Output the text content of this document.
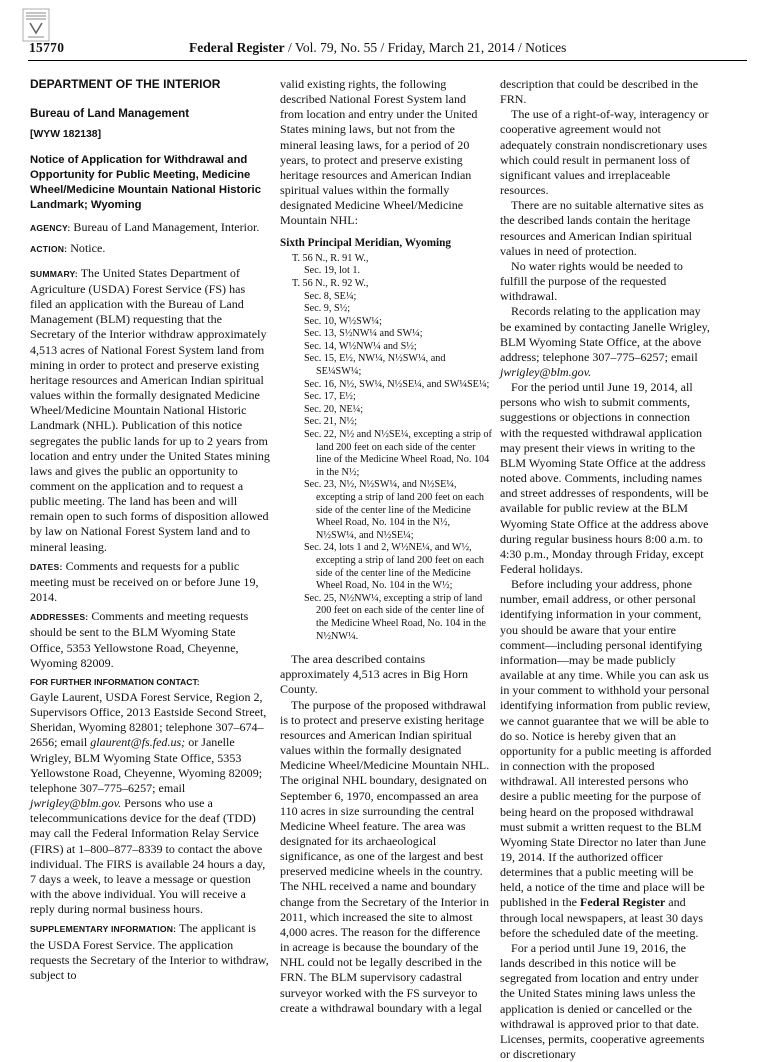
15770	Federal Register / Vol. 79, No. 55 / Friday, March 21, 2014 / Notices

DEPARTMENT OF THE INTERIOR

Bureau of Land Management

[WYW 182138]

Notice of Application for Withdrawal and Opportunity for Public Meeting, Medicine Wheel/Medicine Mountain National Historic Landmark; Wyoming

AGENCY: Bureau of Land Management, Interior.

ACTION: Notice.

SUMMARY: The United States Department of Agriculture (USDA) Forest Service (FS) has filed an application with the Bureau of Land Management (BLM) requesting that the Secretary of the Interior withdraw approximately 4,513 acres of National Forest System land from mining in order to protect and preserve existing heritage resources and American Indian spiritual values within the formally designated Medicine Wheel/Medicine Mountain National Historic Landmark (NHL). Publication of this notice segregates the public lands for up to 2 years from location and entry under the United States mining laws and gives the public an opportunity to comment on the application and to request a public meeting. The land has been and will remain open to such forms of disposition allowed by law on National Forest System land and to mineral leasing.

DATES: Comments and requests for a public meeting must be received on or before June 19, 2014.

ADDRESSES: Comments and meeting requests should be sent to the BLM Wyoming State Office, 5353 Yellowstone Road, Cheyenne, Wyoming 82009.

FOR FURTHER INFORMATION CONTACT:

Gayle Laurent, USDA Forest Service, Region 2, Supervisors Office, 2013 Eastside Second Street, Sheridan, Wyoming 82801; telephone 307–674–2656; email glaurent@fs.fed.us; or Janelle Wrigley, BLM Wyoming State Office, 5353 Yellowstone Road, Cheyenne, Wyoming 82009; telephone 307–775–6257; email jwrigley@blm.gov. Persons who use a telecommunications device for the deaf (TDD) may call the Federal Information Relay Service (FIRS) at 1–800–877–8339 to contact the above individual. The FIRS is available 24 hours a day, 7 days a week, to leave a message or question with the above individual. You will receive a reply during normal business hours.

SUPPLEMENTARY INFORMATION: The applicant is the USDA Forest Service. The application requests the Secretary of the Interior to withdraw, subject to

valid existing rights, the following described National Forest System land from location and entry under the United States mining laws, but not from the mineral leasing laws, for a period of 20 years, to protect and preserve existing heritage resources and American Indian spiritual values within the formally designated Medicine Wheel/Medicine Mountain NHL:

Sixth Principal Meridian, Wyoming

T. 56 N., R. 91 W.,
Sec. 19, lot 1.
T. 56 N., R. 92 W.,
Sec. 8, SE¼;
Sec. 9, S½;
Sec. 10, W½SW¼;
Sec. 13, S½NW¼ and SW¼;
Sec. 14, W½NW¼ and S½;
Sec. 15, E½, NW¼, N½SW¼, and SE¼SW¼;
Sec. 16, N½, SW¼, N½SE¼, and SW¼SE¼;
Sec. 17, E½;
Sec. 20, NE¼;
Sec. 21, N½;
Sec. 22, N½ and N½SE¼, excepting a strip of land 200 feet on each side of the center line of the Medicine Wheel Road, No. 104 in the N½;
Sec. 23, N½, N½SW¼, and N½SE¼, excepting a strip of land 200 feet on each side of the center line of the Medicine Wheel Road, No. 104 in the N½, N½SW¼, and N½SE¼;
Sec. 24, lots 1 and 2, W½NE¼, and W½, excepting a strip of land 200 feet on each side of the center line of the Medicine Wheel Road, No. 104 in the W½;
Sec. 25, N½NW¼, excepting a strip of land 200 feet on each side of the center line of the Medicine Wheel Road, No. 104 in the N½NW¼.

The area described contains approximately 4,513 acres in Big Horn County.

The purpose of the proposed withdrawal is to protect and preserve existing heritage resources and American Indian spiritual values within the formally designated Medicine Wheel/Medicine Mountain NHL. The original NHL boundary, designated on September 6, 1970, encompassed an area 110 acres in size surrounding the central Medicine Wheel feature. The area was designated for its archaeological significance, as one of the largest and best preserved medicine wheels in the country. The NHL received a name and boundary change from the Secretary of the Interior in 2011, which increased the site to almost 4,000 acres. The reason for the difference in acreage is because the boundary of the NHL could not be legally described in the FRN. The BLM supervisory cadastral surveyor worked with the FS surveyor to create a withdrawal boundary with a legal

description that could be described in the FRN.

The use of a right-of-way, interagency or cooperative agreement would not adequately constrain nondiscretionary uses which could result in permanent loss of significant values and irreplaceable resources.

There are no suitable alternative sites as the described lands contain the heritage resources and American Indian spiritual values in need of protection.

No water rights would be needed to fulfill the purpose of the requested withdrawal.

Records relating to the application may be examined by contacting Janelle Wrigley, BLM Wyoming State Office, at the above address; telephone 307–775–6257; email jwrigley@blm.gov.

For the period until June 19, 2014, all persons who wish to submit comments, suggestions or objections in connection with the requested withdrawal application may present their views in writing to the BLM Wyoming State Office at the address noted above. Comments, including names and street addresses of respondents, will be available for public review at the BLM Wyoming State Office at the address above during regular business hours 8:00 a.m. to 4:30 p.m., Monday through Friday, except Federal holidays.

Before including your address, phone number, email address, or other personal identifying information in your comment, you should be aware that your entire comment—including personal identifying information—may be made publicly available at any time. While you can ask us in your comment to withhold your personal identifying information from public review, we cannot guarantee that we will be able to do so. Notice is hereby given that an opportunity for a public meeting is afforded in connection with the proposed withdrawal. All interested persons who desire a public meeting for the purpose of being heard on the proposed withdrawal must submit a written request to the BLM Wyoming State Director no later than June 19, 2014. If the authorized officer determines that a public meeting will be held, a notice of the time and place will be published in the Federal Register and through local newspapers, at least 30 days before the scheduled date of the meeting.

For a period until June 19, 2016, the lands described in this notice will be segregated from location and entry under the United States mining laws unless the application is denied or cancelled or the withdrawal is approved prior to that date. Licenses, permits, cooperative agreements or discretionary
